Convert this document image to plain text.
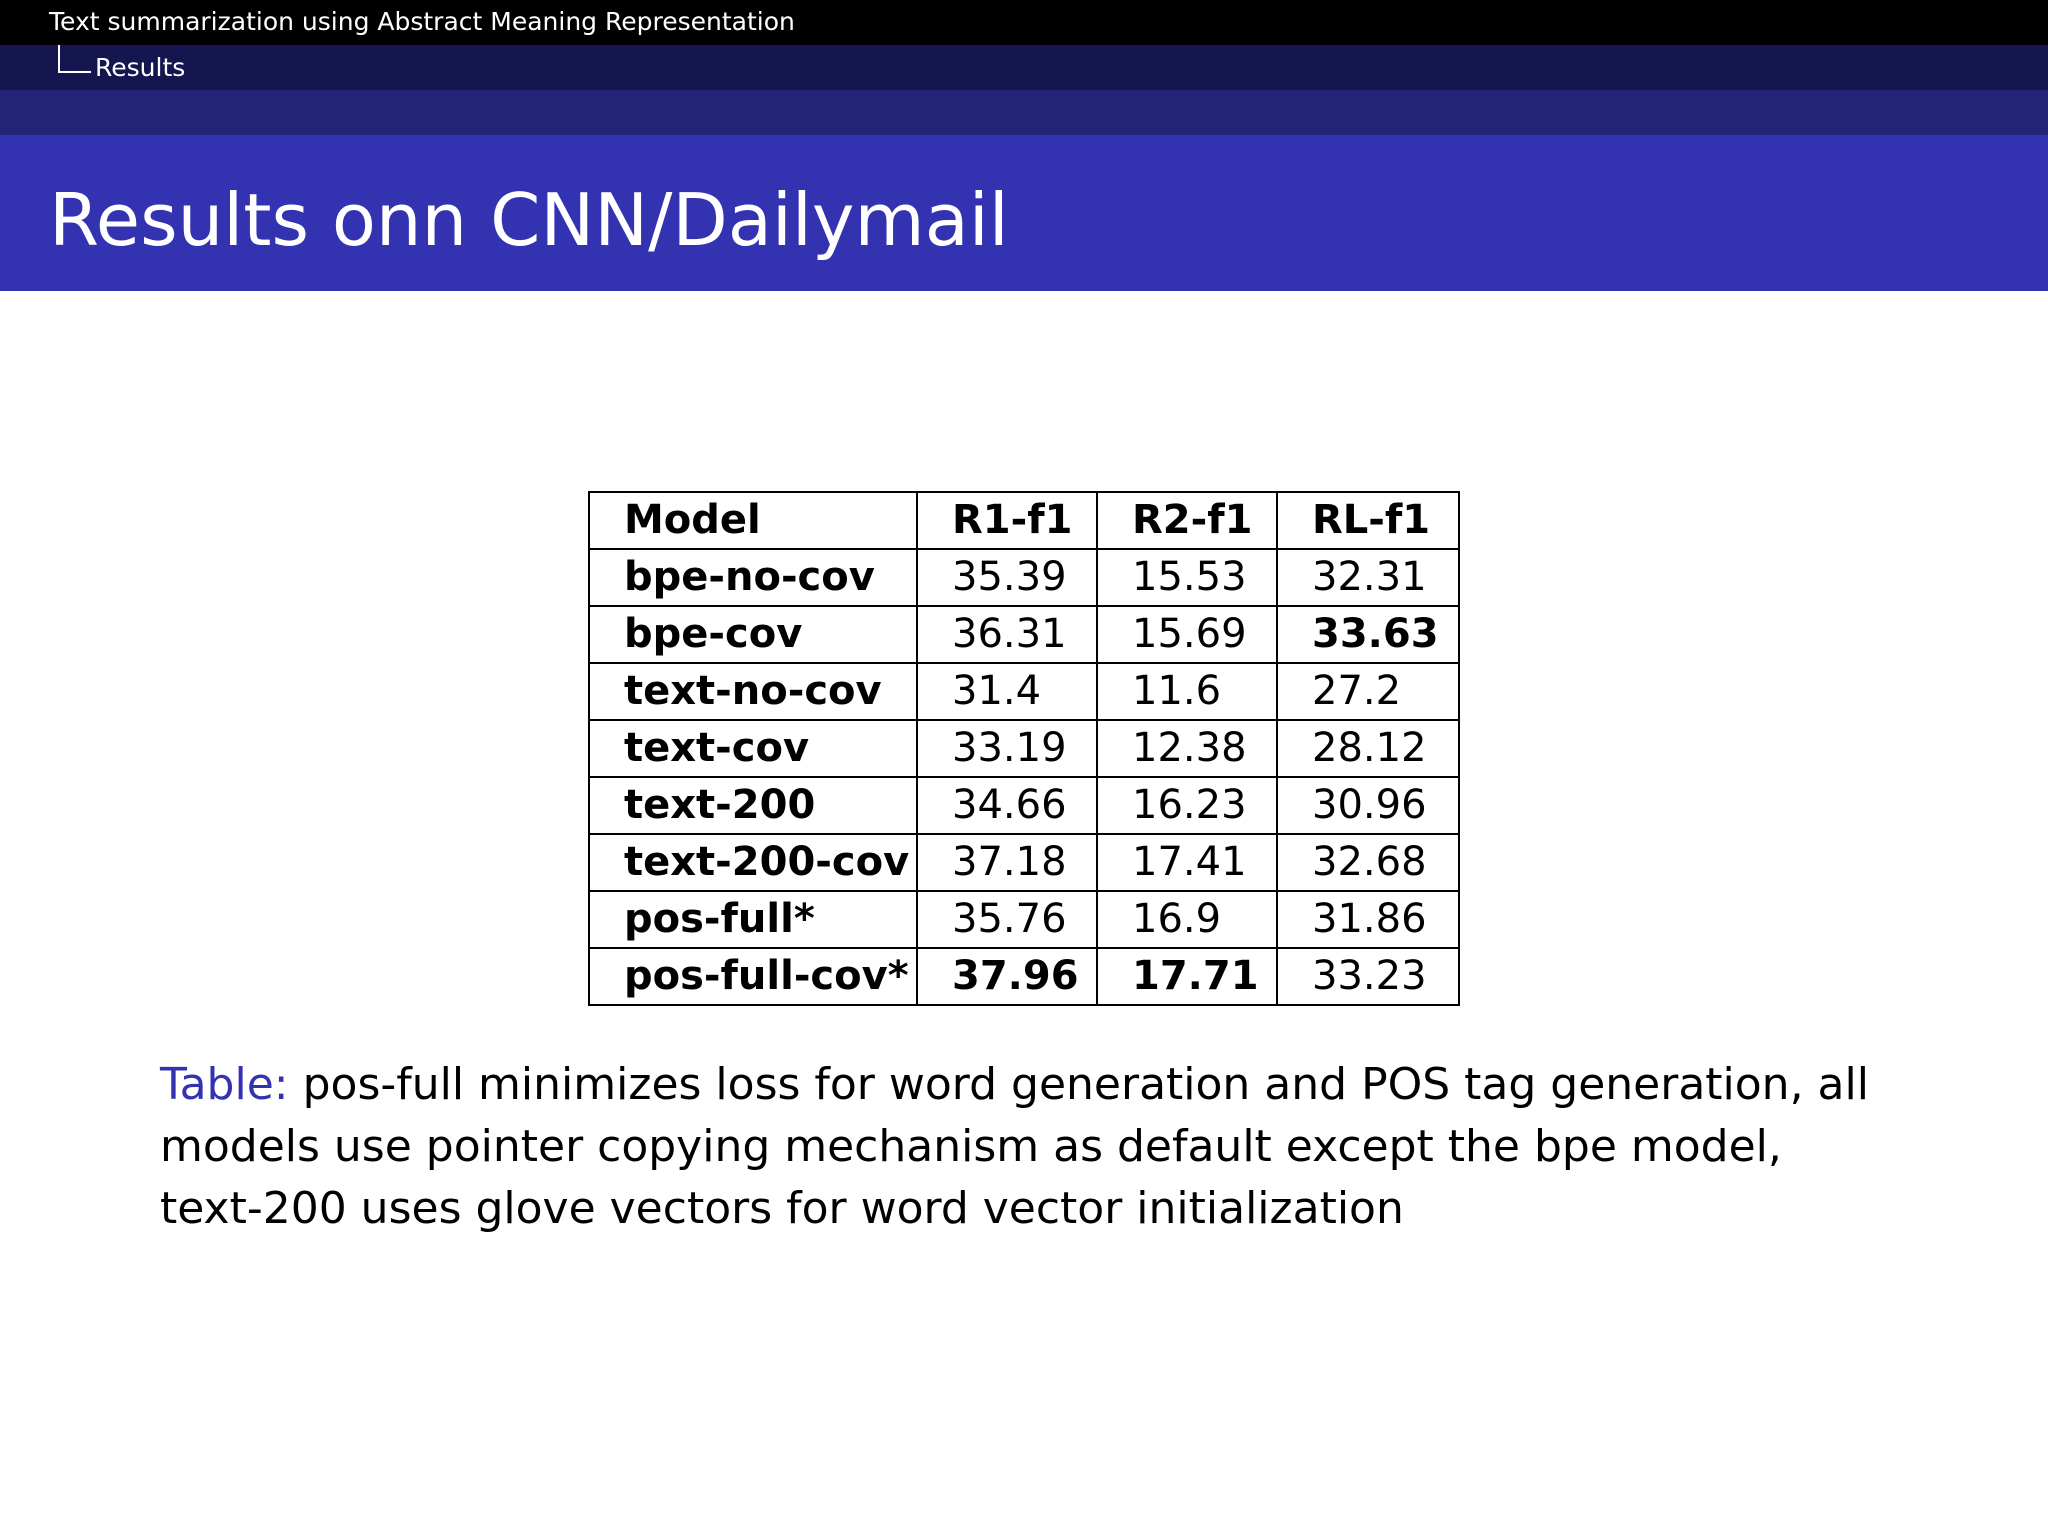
Text summarization using Abstract Meaning Representation
Results
Results onn CNN/Dailymail
Model	R1-f1	R2-f1	RL-f1
bpe-no-cov	35.39	15.53	32.31
bpe-cov	36.31	15.69	33.63
text-no-cov	31.4	11.6	27.2
text-cov	33.19	12.38	28.12
text-200	34.66	16.23	30.96
text-200-cov	37.18	17.41	32.68
pos-full*	35.76	16.9	31.86
pos-full-cov*	37.96	17.71	33.23
Table: pos-full minimizes loss for word generation and POS tag generation, all
models use pointer copying mechanism as default except the bpe model,
text-200 uses glove vectors for word vector initialization
